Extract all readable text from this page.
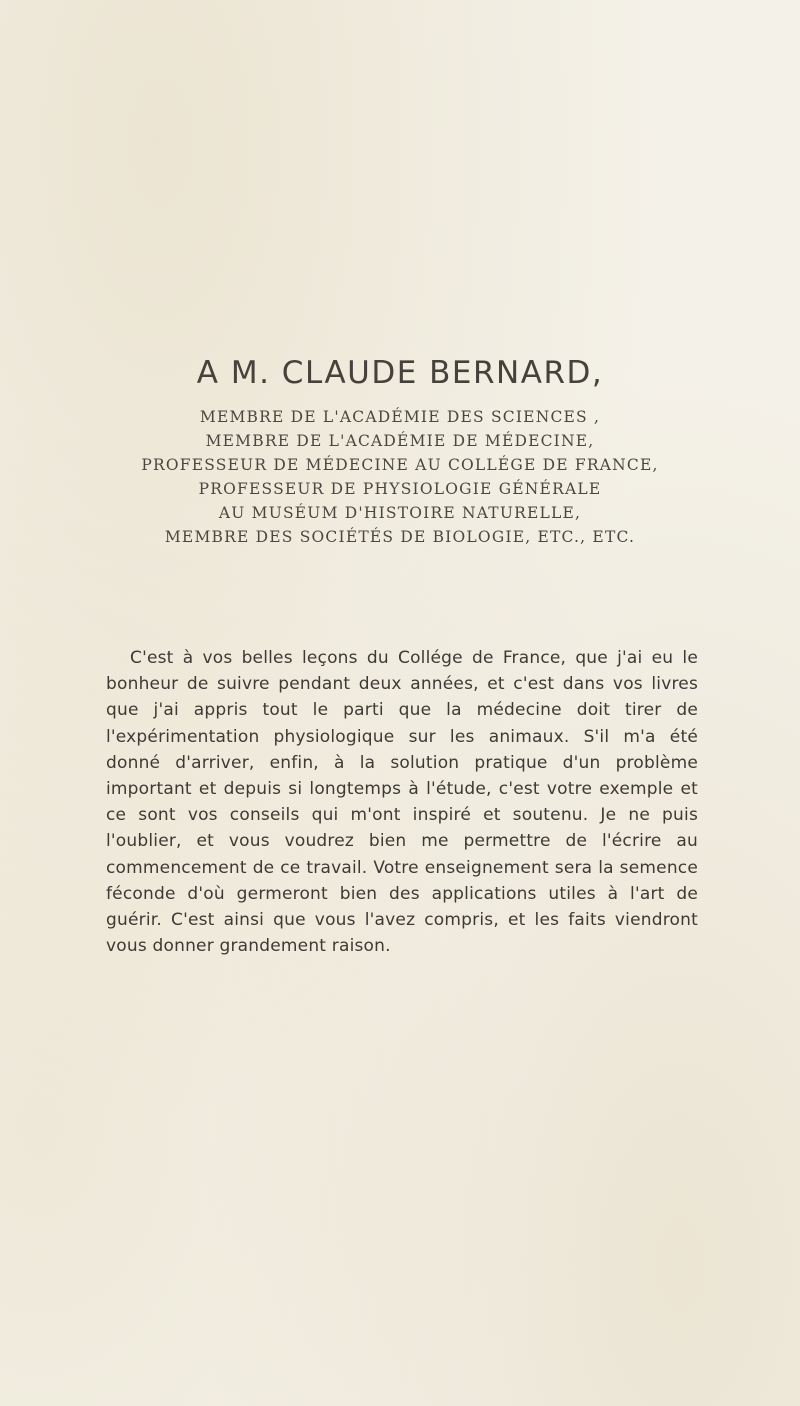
A M. CLAUDE BERNARD,

MEMBRE DE L'ACADÉMIE DES SCIENCES ,

MEMBRE DE L'ACADÉMIE DE MÉDECINE,

PROFESSEUR DE MÉDECINE AU COLLÉGE DE FRANCE,

PROFESSEUR DE PHYSIOLOGIE GÉNÉRALE

AU MUSÉUM D'HISTOIRE NATURELLE,

MEMBRE DES SOCIÉTÉS DE BIOLOGIE, ETC., ETC.

C'est à vos belles leçons du Collége de France, que j'ai eu le bonheur de suivre pendant deux années, et c'est dans vos livres que j'ai appris tout le parti que la médecine doit tirer de l'expérimentation physiologique sur les animaux. S'il m'a été donné d'arriver, enfin, à la solution pratique d'un problème important et depuis si longtemps à l'étude, c'est votre exemple et ce sont vos conseils qui m'ont inspiré et soutenu. Je ne puis l'oublier, et vous voudrez bien me permettre de l'écrire au commencement de ce travail. Votre enseignement sera la semence féconde d'où germeront bien des applications utiles à l'art de guérir. C'est ainsi que vous l'avez compris, et les faits viendront vous donner grandement raison.
